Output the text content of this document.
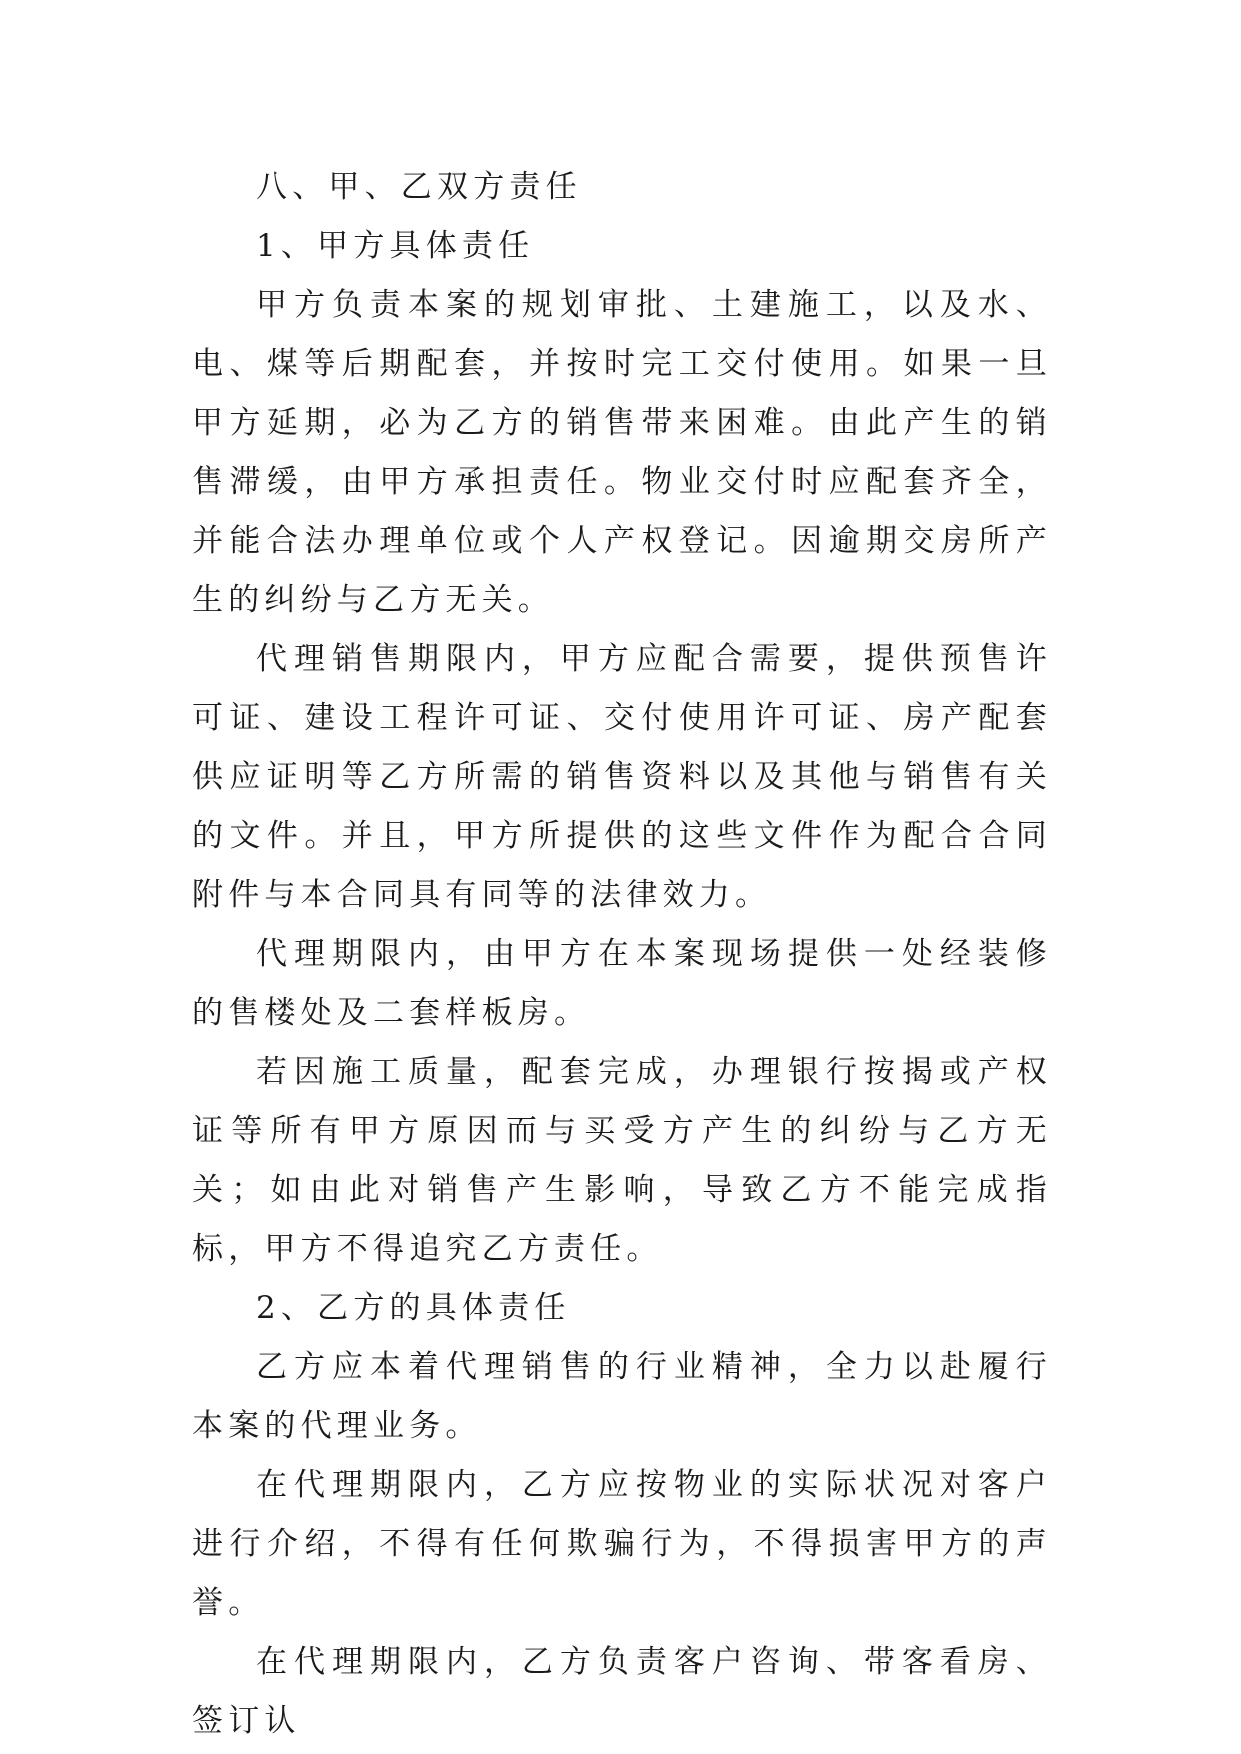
八、甲、乙双方责任

1、甲方具体责任

甲方负责本案的规划审批、土建施工，以及水、电、煤等后期配套，并按时完工交付使用。如果一旦甲方延期，必为乙方的销售带来困难。由此产生的销售滞缓，由甲方承担责任。物业交付时应配套齐全，并能合法办理单位或个人产权登记。因逾期交房所产生的纠纷与乙方无关。

代理销售期限内，甲方应配合需要，提供预售许可证、建设工程许可证、交付使用许可证、房产配套供应证明等乙方所需的销售资料以及其他与销售有关的文件。并且，甲方所提供的这些文件作为配合合同附件与本合同具有同等的法律效力。

代理期限内，由甲方在本案现场提供一处经装修的售楼处及二套样板房。

若因施工质量，配套完成，办理银行按揭或产权证等所有甲方原因而与买受方产生的纠纷与乙方无关；如由此对销售产生影响，导致乙方不能完成指标，甲方不得追究乙方责任。

2、乙方的具体责任

乙方应本着代理销售的行业精神，全力以赴履行本案的代理业务。

在代理期限内，乙方应按物业的实际状况对客户进行介绍，不得有任何欺骗行为，不得损害甲方的声誉。

在代理期限内，乙方负责客户咨询、带客看房、签订认
